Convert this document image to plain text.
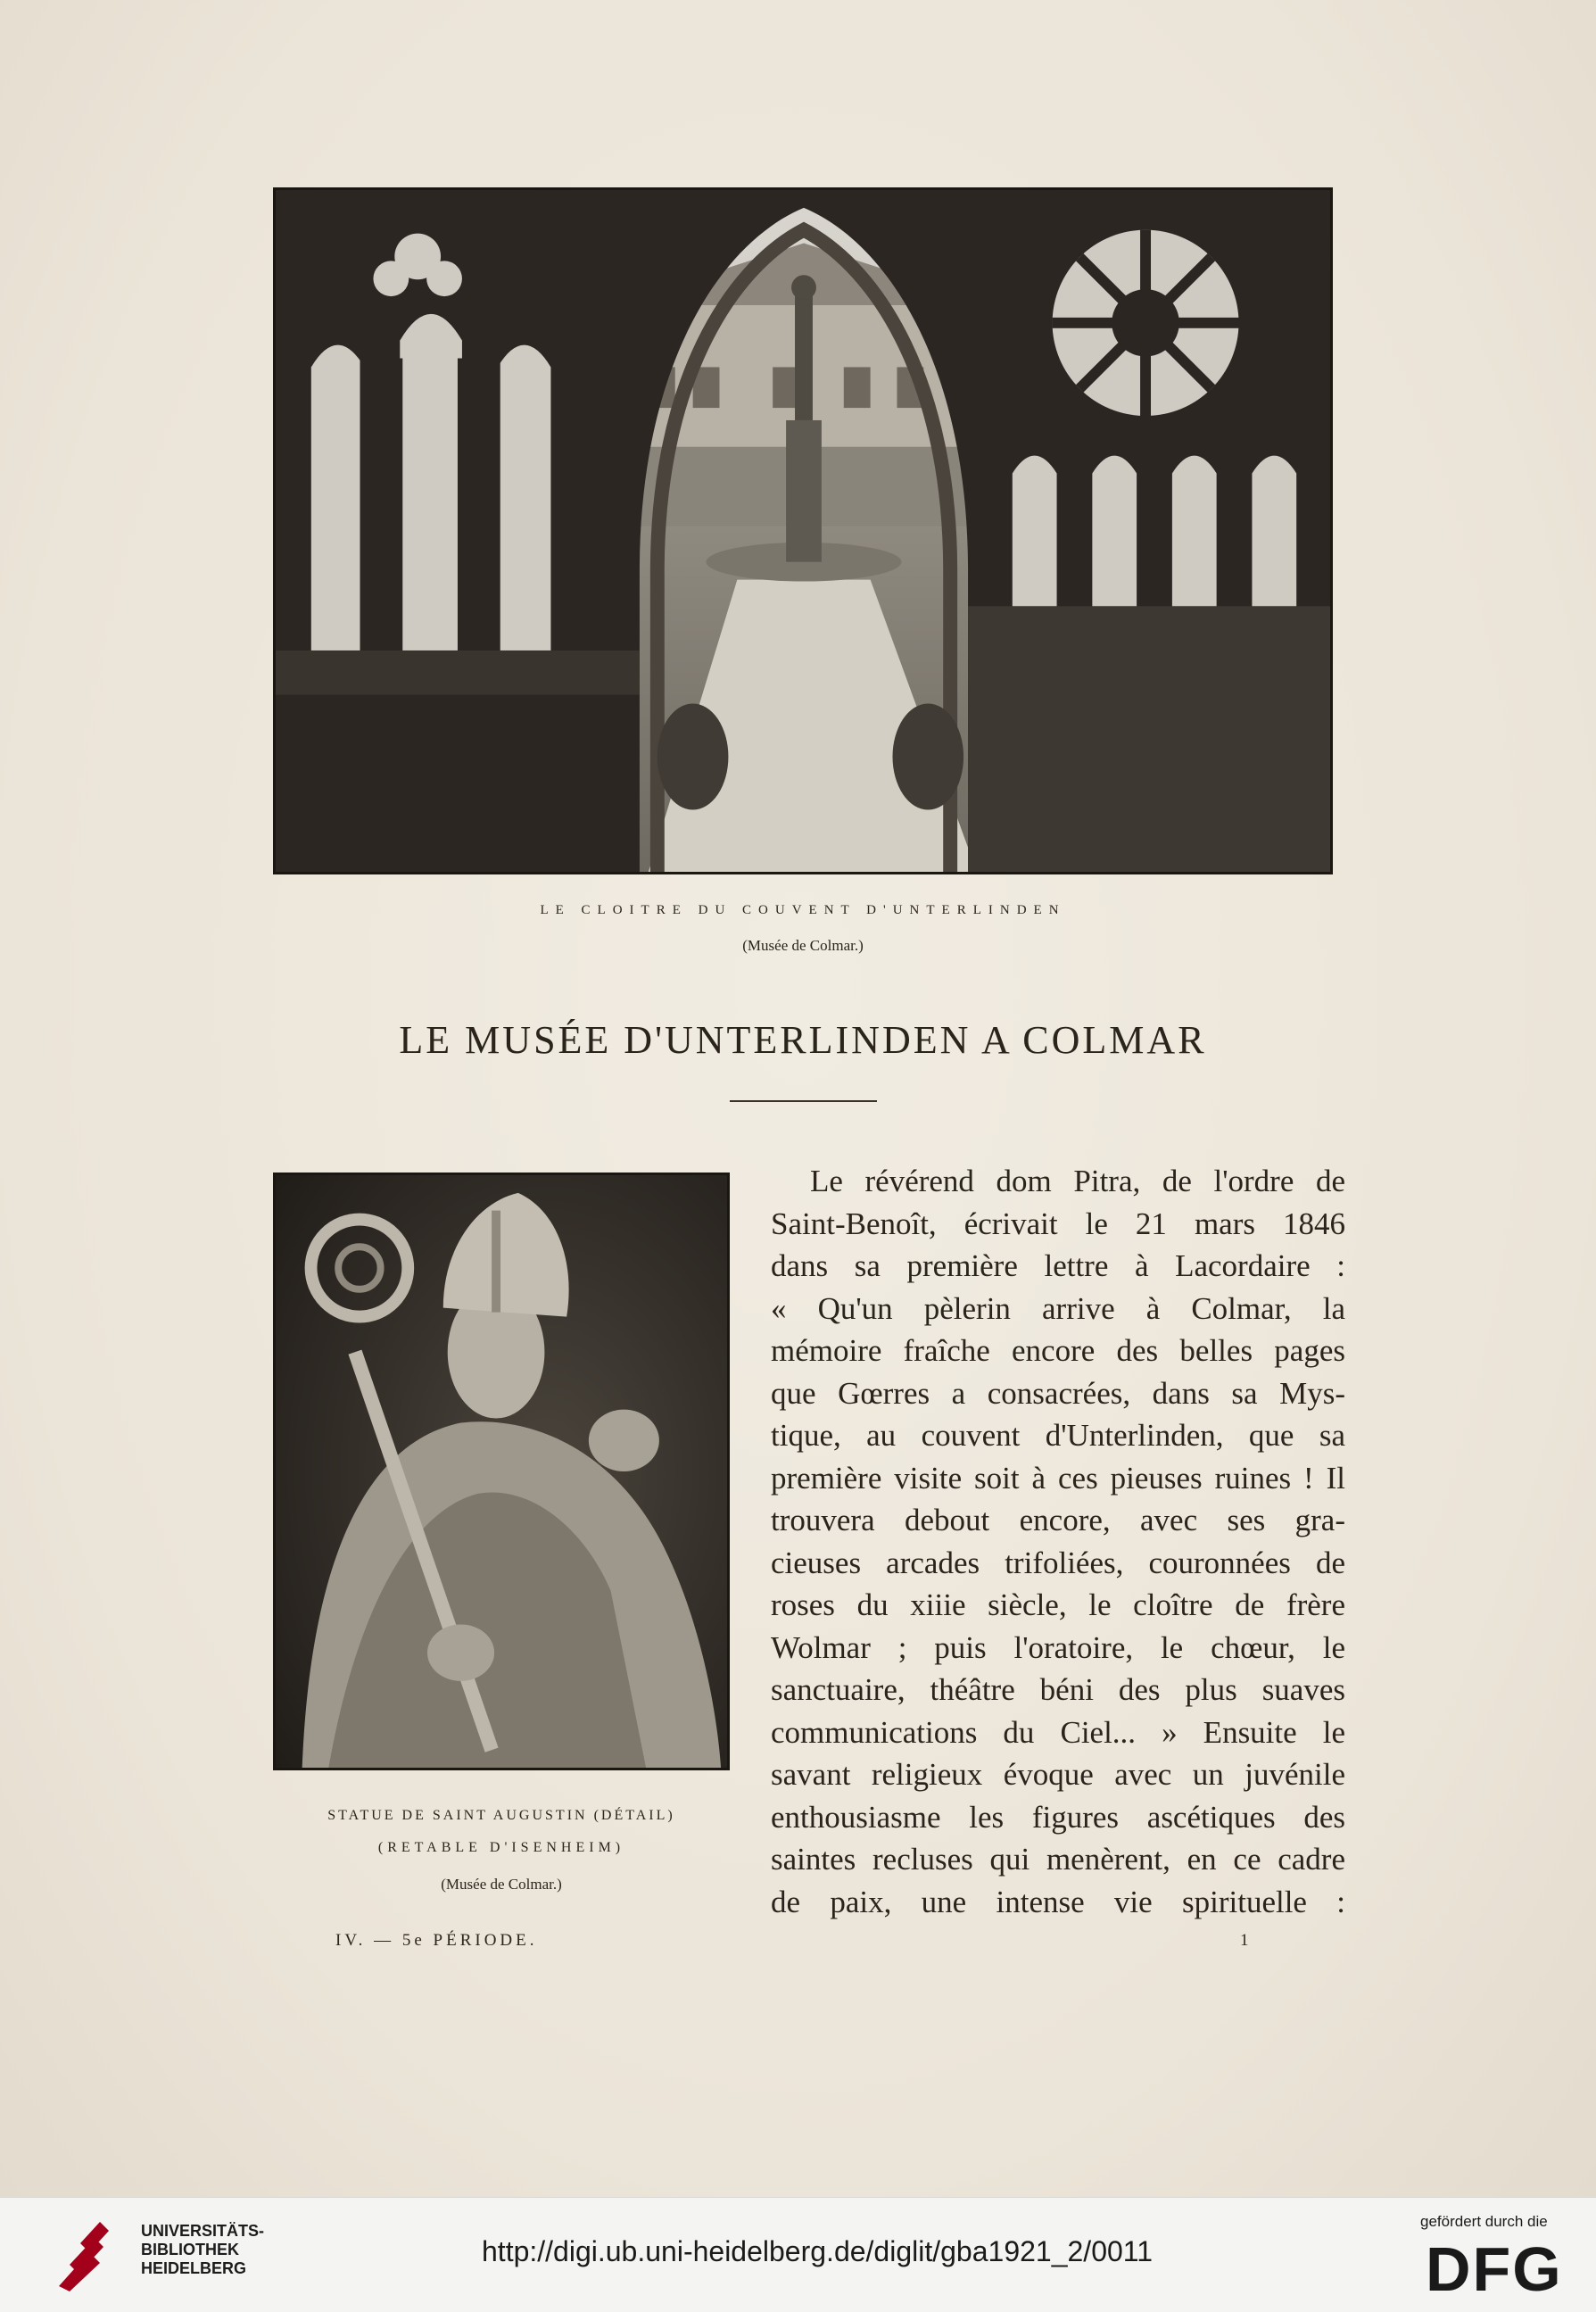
LE CLOITRE DU COUVENT D'UNTERLINDEN
(Musée de Colmar.)
LE MUSÉE D'UNTERLINDEN A COLMAR
STATUE DE SAINT AUGUSTIN (DÉTAIL)
(RETABLE D'ISENHEIM)
(Musée de Colmar.)
Le révérend dom Pitra, de l'ordre de
Saint-Benoît, écrivait le 21 mars 1846
dans sa première lettre à Lacordaire :
« Qu'un pèlerin arrive à Colmar, la
mémoire fraîche encore des belles pages
que Gœrres a consacrées, dans sa Mys-
tique, au couvent d'Unterlinden, que sa
première visite soit à ces pieuses ruines ! Il
trouvera debout encore, avec ses gra-
cieuses arcades trifoliées, couronnées de
roses du xiiie siècle, le cloître de frère
Wolmar ; puis l'oratoire, le chœur, le
sanctuaire, théâtre béni des plus suaves
communications du Ciel... » Ensuite le
savant religieux évoque avec un juvénile
enthousiasme les figures ascétiques des
saintes recluses qui menèrent, en ce cadre
de paix, une intense vie spirituelle :
IV. — 5e PÉRIODE.	1
UNIVERSITÄTS-
BIBLIOTHEK
HEIDELBERG
http://digi.ub.uni-heidelberg.de/diglit/gba1921_2/0011
gefördert durch die
DFG
